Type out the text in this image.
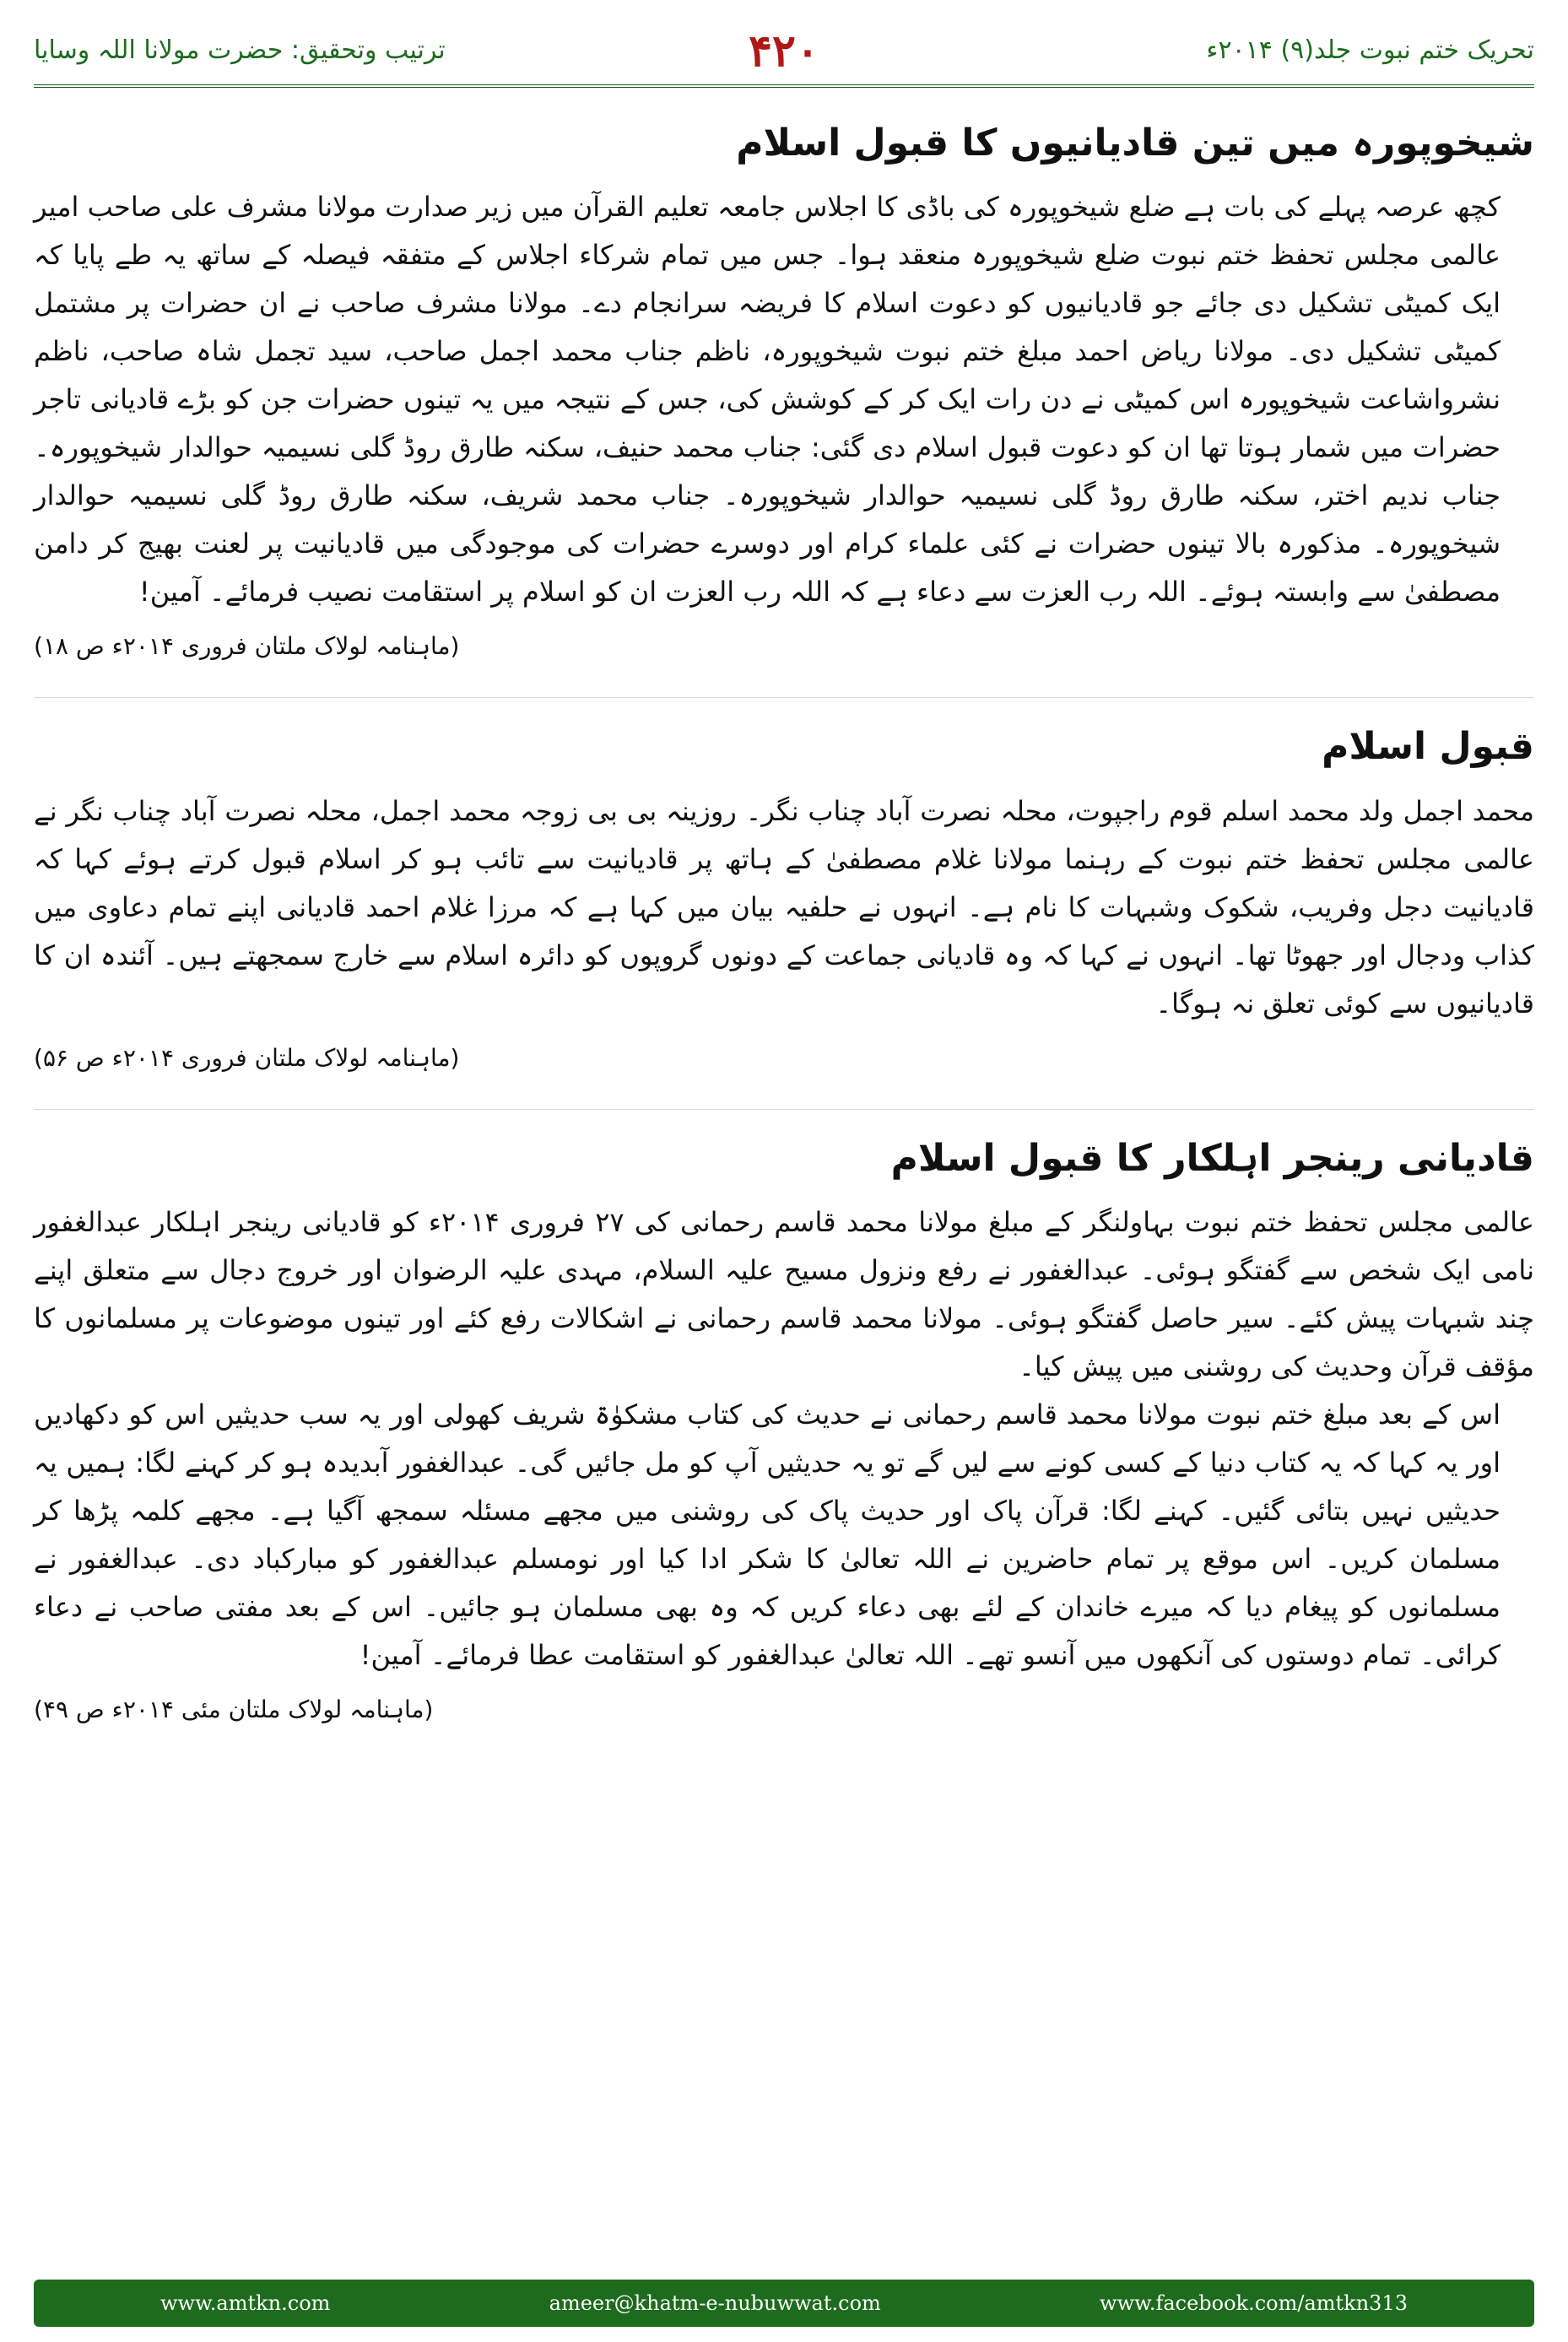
ترتیب وتحقیق: حضرت مولانا اللہ وسایا	۴۲۰	تحریک ختم نبوت جلد(۹) ۲۰۱۴ء
شیخوپورہ میں تین قادیانیوں کا قبول اسلام

کچھ عرصہ پہلے کی بات ہے ضلع شیخوپورہ کی باڈی کا اجلاس جامعہ تعلیم القرآن میں زیر صدارت مولانا مشرف علی صاحب امیر عالمی مجلس تحفظ ختم نبوت ضلع شیخوپورہ منعقد ہوا۔ جس میں تمام شرکاء اجلاس کے متفقہ فیصلہ کے ساتھ یہ طے پایا کہ ایک کمیٹی تشکیل دی جائے جو قادیانیوں کو دعوت اسلام کا فریضہ سرانجام دے۔ مولانا مشرف صاحب نے ان حضرات پر مشتمل کمیٹی تشکیل دی۔ مولانا ریاض احمد مبلغ ختم نبوت شیخوپورہ، ناظم جناب محمد اجمل صاحب، سید تجمل شاہ صاحب، ناظم نشرواشاعت شیخوپورہ اس کمیٹی نے دن رات ایک کر کے کوشش کی، جس کے نتیجہ میں یہ تینوں حضرات جن کو بڑے قادیانی تاجر حضرات میں شمار ہوتا تھا ان کو دعوت قبول اسلام دی گئی: جناب محمد حنیف، سکنہ طارق روڈ گلی نسیمیہ حوالدار شیخوپورہ۔ جناب ندیم اختر، سکنہ طارق روڈ گلی نسیمیہ حوالدار شیخوپورہ۔ جناب محمد شریف، سکنہ طارق روڈ گلی نسیمیہ حوالدار شیخوپورہ۔ مذکورہ بالا تینوں حضرات نے کئی علماء کرام اور دوسرے حضرات کی موجودگی میں قادیانیت پر لعنت بھیج کر دامن مصطفیٰ سے وابستہ ہوئے۔ اللہ رب العزت سے دعاء ہے کہ اللہ رب العزت ان کو اسلام پر استقامت نصیب فرمائے۔ آمین!

(ماہنامہ لولاک ملتان فروری ۲۰۱۴ء ص ۱۸)

قبول اسلام

محمد اجمل ولد محمد اسلم قوم راجپوت، محلہ نصرت آباد چناب نگر۔ روزینہ بی بی زوجہ محمد اجمل، محلہ نصرت آباد چناب نگر نے عالمی مجلس تحفظ ختم نبوت کے رہنما مولانا غلام مصطفیٰ کے ہاتھ پر قادیانیت سے تائب ہو کر اسلام قبول کرتے ہوئے کہا کہ قادیانیت دجل وفریب، شکوک وشبہات کا نام ہے۔ انہوں نے حلفیہ بیان میں کہا ہے کہ مرزا غلام احمد قادیانی اپنے تمام دعاوی میں کذاب ودجال اور جھوٹا تھا۔ انہوں نے کہا کہ وہ قادیانی جماعت کے دونوں گروپوں کو دائرہ اسلام سے خارج سمجھتے ہیں۔ آئندہ ان کا قادیانیوں سے کوئی تعلق نہ ہوگا۔

(ماہنامہ لولاک ملتان فروری ۲۰۱۴ء ص ۵۶)

قادیانی رینجر اہلکار کا قبول اسلام

عالمی مجلس تحفظ ختم نبوت بہاولنگر کے مبلغ مولانا محمد قاسم رحمانی کی ۲۷ فروری ۲۰۱۴ء کو قادیانی رینجر اہلکار عبدالغفور نامی ایک شخص سے گفتگو ہوئی۔ عبدالغفور نے رفع ونزول مسیح علیہ السلام، مہدی علیہ الرضوان اور خروج دجال سے متعلق اپنے چند شبہات پیش کئے۔ سیر حاصل گفتگو ہوئی۔ مولانا محمد قاسم رحمانی نے اشکالات رفع کئے اور تینوں موضوعات پر مسلمانوں کا مؤقف قرآن وحدیث کی روشنی میں پیش کیا۔

اس کے بعد مبلغ ختم نبوت مولانا محمد قاسم رحمانی نے حدیث کی کتاب مشکوٰۃ شریف کھولی اور یہ سب حدیثیں اس کو دکھادیں اور یہ کہا کہ یہ کتاب دنیا کے کسی کونے سے لیں گے تو یہ حدیثیں آپ کو مل جائیں گی۔ عبدالغفور آبدیدہ ہو کر کہنے لگا: ہمیں یہ حدیثیں نہیں بتائی گئیں۔ کہنے لگا: قرآن پاک اور حدیث پاک کی روشنی میں مجھے مسئلہ سمجھ آگیا ہے۔ مجھے کلمہ پڑھا کر مسلمان کریں۔ اس موقع پر تمام حاضرین نے اللہ تعالیٰ کا شکر ادا کیا اور نومسلم عبدالغفور کو مبارکباد دی۔ عبدالغفور نے مسلمانوں کو پیغام دیا کہ میرے خاندان کے لئے بھی دعاء کریں کہ وہ بھی مسلمان ہو جائیں۔ اس کے بعد مفتی صاحب نے دعاء کرائی۔ تمام دوستوں کی آنکھوں میں آنسو تھے۔ اللہ تعالیٰ عبدالغفور کو استقامت عطا فرمائے۔ آمین!

(ماہنامہ لولاک ملتان مئی ۲۰۱۴ء ص ۴۹)

www.amtkn.com	ameer@khatm-e-nubuwwat.com	www.facebook.com/amtkn313
